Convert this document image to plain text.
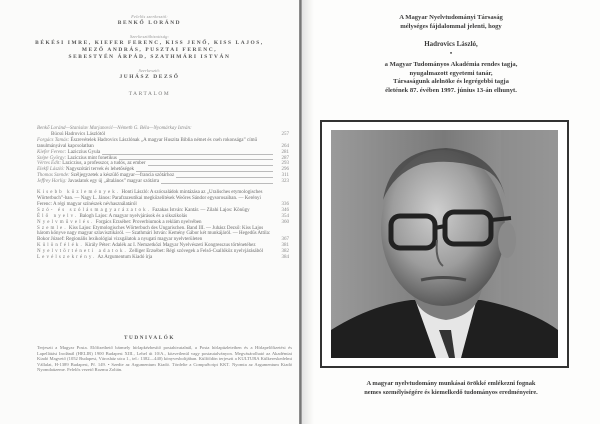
Felelős szerkesztő:
BENKŐ LORÁND
Szerkesztőbizottság:
BÉKÉSI IMRE, KIEFER FERENC, KISS JENŐ, KISS LAJOS,
MEZŐ ANDRÁS, PUSZTAI FERENC,
SEBESTYÉN ÁRPÁD, SZATHMÁRI ISTVÁN
Szerkesztő:
JUHÁSZ DEZSŐ
TARTALOM
Benkő Loránd—Stanislav Marjanović—Németh G. Béla—Nyomárkay István:
Búcsú Hadrovics Lászlótól	257
Forgács Tamás: Észrevételek Hadrovics Lászlónak „A magyar Huszita Biblia német és cseh rokonsága” című tanulmányával kapcsolatban	264
Kiefer Ferenc:
Laziczius Gyula	281
Szépe György:
Laziczius mint fonetikus	287
Vértes Edit:
Laziczius, a professzor, a tudós, az ember	293
Elekfi László:
Nagyszótári tervek és lehetőségek	296
Thomas Szende:
Széljegyzetek a készülő magyar—francia szótárhoz	311
Jeffrey Harlig:
Javaslatok egy új „általános” magyar szótárra	323
Kisebb közlemények. Honti László: A szócsaládok mintázása az „Uralisches etymologisches Wörterbuch”-ban. — Nagy L. János: Parafrazeutikai megközelítések Weöres Sándor egysorosaiban. — Kerényi Ferenc: A régi magyar színészek névhasználatáról	336
Szó- és szólásmagyarázatok. Fazakas István: Kantár. — Zilahi Lajos: Könügy	346
Élő nyelv. Balogh Lajos: A magyar nyelvjárások és a sikszikolás	354
Nyelvművelés. Forgács Erzsébet: Proverbiumok a reklám nyelvében	360
Szemle. Kiss Lajos: Etymologisches Wörterbuch des Ungarischen. Band III. — Juhász Dezső: Kiss Lajos három könyve nagy magyar szlavisztikáról. — Szathmári István: Kemény Gábor két munkájáról. — Hegedűs Attila: Bokor József: Regionális lexikológiai vizsgálatok a nyugati magyar nyelvterületen	367
Különfélék. Király Péter: Adalék az I. Nemzetközi Magyar Nyelvészeti Kongresszus történetéhez	381
Nyelvtörténeti adatok. Zelliger Erzsébet: Régi szóvegek a Felső-Csallóköz nyelvjárásából	382
Levélszekrény. Az Argumentum Kiadó írja	384
TUDNIVALÓK
Terjeszti a Magyar Posta. Előfizethető bármely hírlapkézbesítő postahivatalnál, a Posta hírlapüzleteiben és a Hírlapelőfizetési és Lapellátási Irodánál (HELIR) 1900 Budapest XIII., Lehel út 10/A., közvetlenül vagy postautalványon. Megvásárolható az Akadémiai Kiadó Magvető (1052 Budapest, Városház utca 1., tel.: 1382—440) könyvesboltjában. Külföldön terjeszti a KULTURA Külkereskedelmi Vállalat, H-1389 Budapest, Pf. 149. • Szedte az Argumentum Kiadó. Tördelte a CompuScript KKT. Nyomta az Argumentum Kiadó Nyomdaüzeme. Felelős vezető Rozmu Zoltán.
A Magyar Nyelvtudományi Társaság
mélységes fájdalommal jelenti, hogy
Hadrovics László,
•
a Magyar Tudományos Akadémia rendes tagja,
nyugalmazott egyetemi tanár,
Társaságunk alelnöke és legrégebbi tagja
életének 87. évében 1997. június 13-án elhunyt.
A magyar nyelvtudomány munkásai örökké emlékezni fognak
nemes személyiségére és kiemelkedő tudományos eredményeire.
